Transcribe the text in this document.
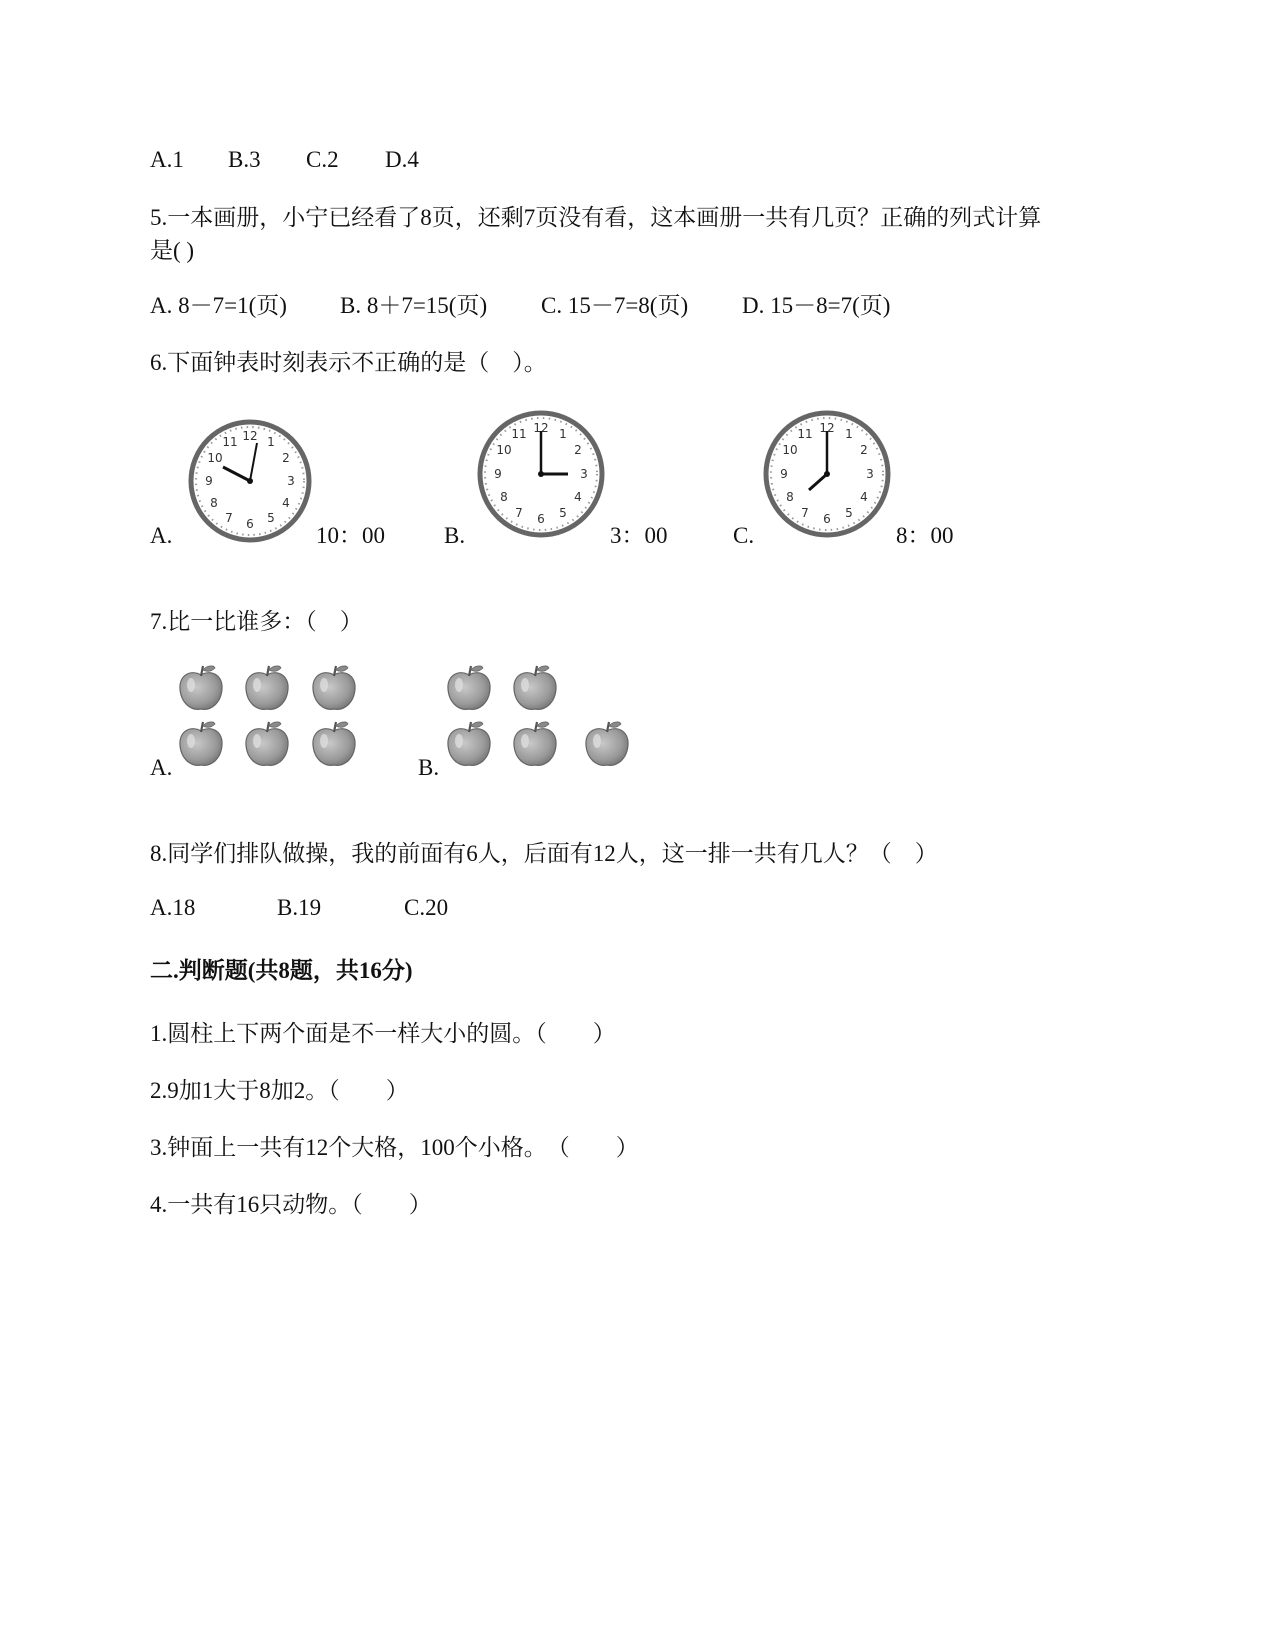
A.1 B.3 C.2 D.4
5.一本画册，小宁已经看了8页，还剩7页没有看，这本画册一共有几页？正确的列式计算
是( )
A. 8－7=1(页) B. 8＋7=15(页) C. 15－7=8(页) D. 15－8=7(页)
6.下面钟表时刻表示不正确的是（　）。
A.
12 1
2
3
4
5
6
7
8
9
10
11
10：00	B.
12 1
2
3
4
5
6
7
8
9
10
11
3：00	C.
12 1
2
3
4
5
6
7
8
9
10
11
8：00
7.比一比谁多：（　）
A.	B.
8.同学们排队做操，我的前面有6人，后面有12人，这一排一共有几人？（　）
A.18	B.19	C.20
二.判断题(共8题，共16分)
1.圆柱上下两个面是不一样大小的圆。（　　）
2.9加1大于8加2。（　　）
3.钟面上一共有12个大格，100个小格。　（　　）
4.一共有16只动物。（　　）
